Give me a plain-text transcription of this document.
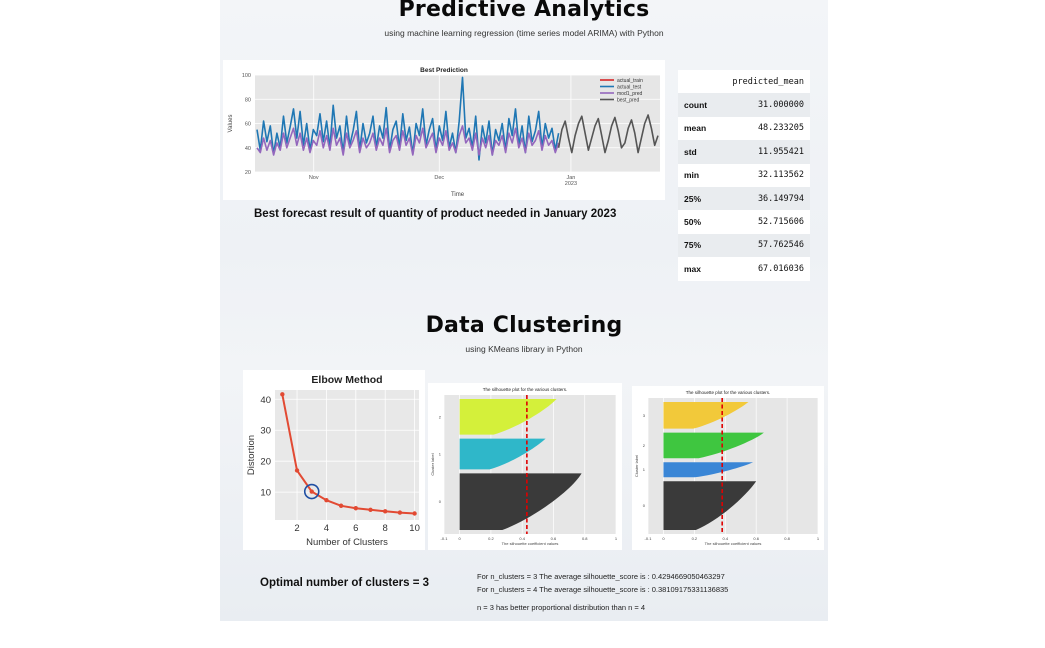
Predictive Analytics
using machine learning regression (time series model ARIMA) with Python
20
40
60
80
100
Nov	Dec	Jan 2023
Best Prediction
Time
Values
actual_train
actual_test
mod1_pred
best_pred
	predicted_mean
count	31.000000
mean	48.233205
std	11.955421
min	32.113562
25%	36.149794
50%	52.715606
75%	57.762546
max	67.016036
Best forecast result of quantity of product needed in January 2023
Data Clustering
using KMeans library in Python
10
20
30
40
2	4	6	8 10
Elbow Method
Number of Clusters
Distortion
-0.1	0	0.2	0.4	0.6	0.8	1
The silhouette plot for the various clusters.
The silhouette coefficient values
Cluster label
2
1
0
-0.1	0	0.2	0.4	0.6	0.8	1
The silhouette plot for the various clusters.
The silhouette coefficient values
Cluster label
3
2
1
0
Optimal number of clusters = 3
For n_clusters = 3 The average silhouette_score is : 0.4294669050463297
For n_clusters = 4 The average silhouette_score is : 0.38109175331136835
n = 3 has better proportional distribution than n = 4
